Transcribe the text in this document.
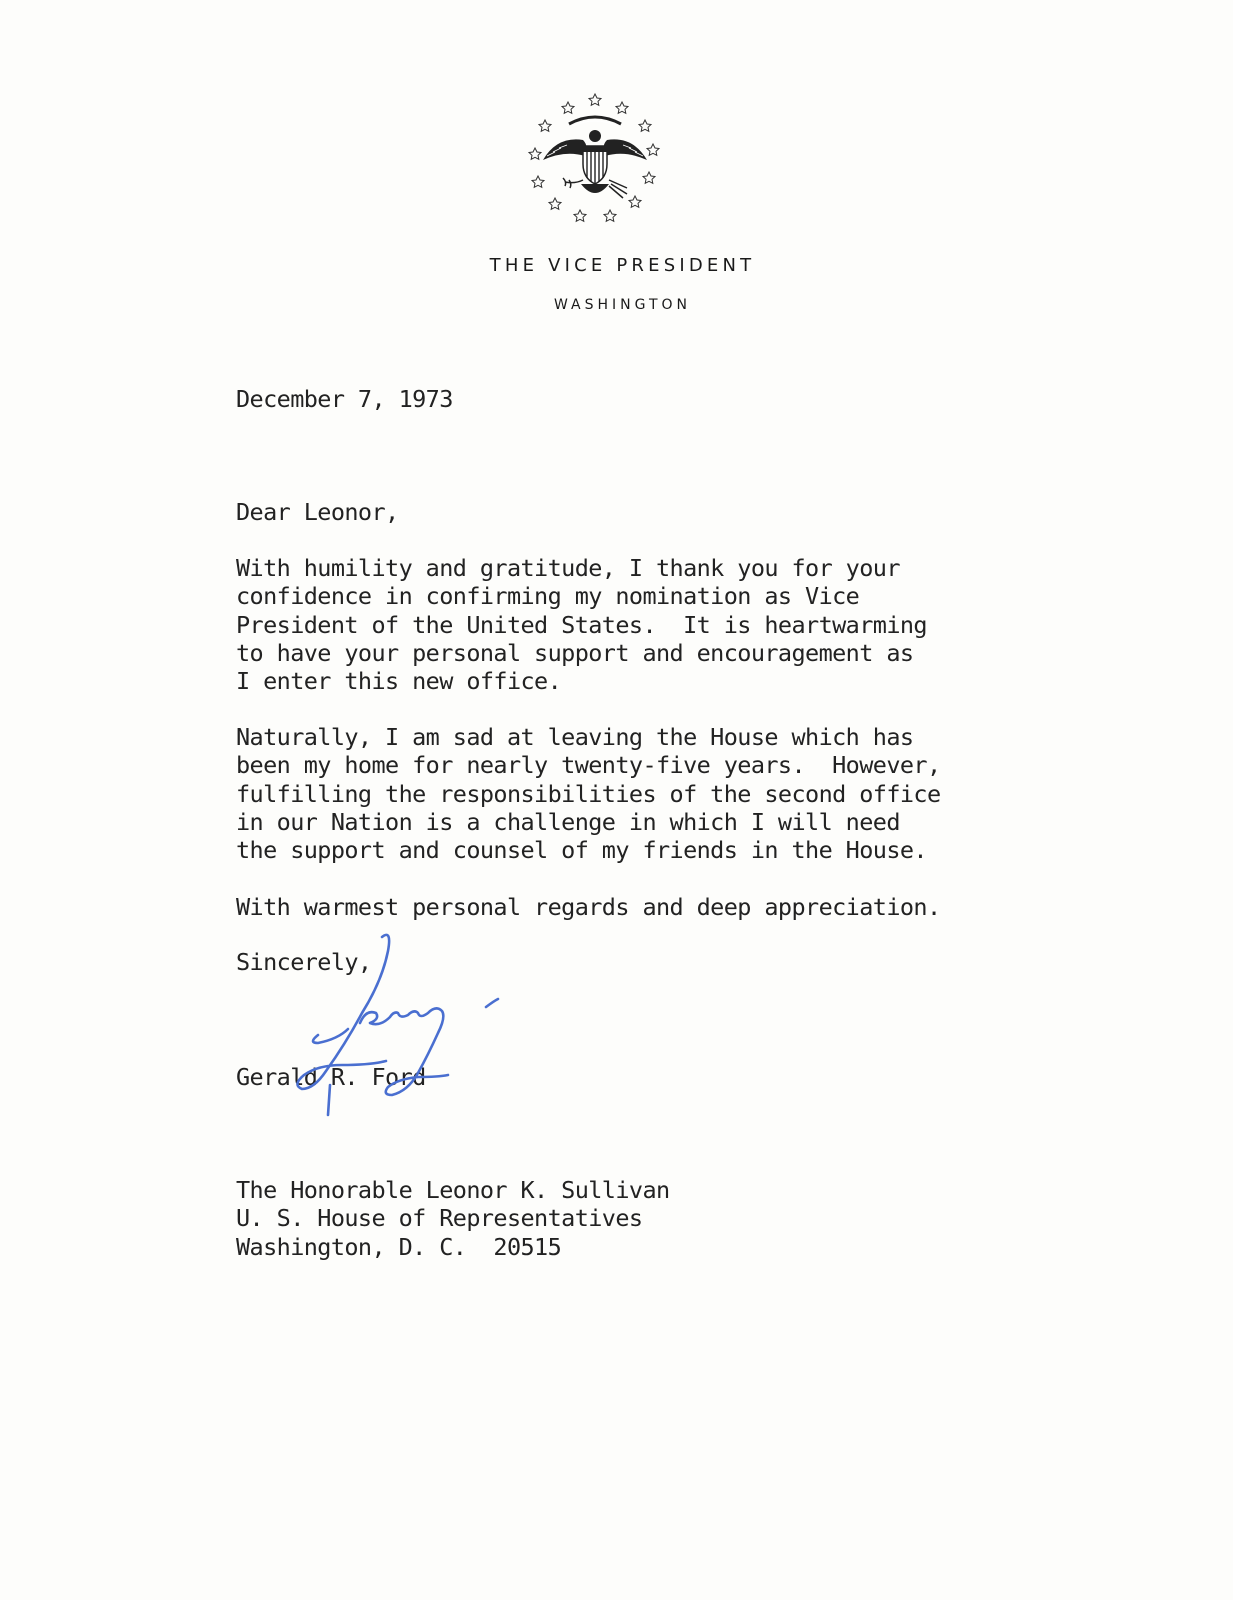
THE VICE PRESIDENT
WASHINGTON
December 7, 1973
Dear Leonor,
With humility and gratitude, I thank you for your
confidence in confirming my nomination as Vice
President of the United States.  It is heartwarming
to have your personal support and encouragement as
I enter this new office.
Naturally, I am sad at leaving the House which has
been my home for nearly twenty-five years.  However,
fulfilling the responsibilities of the second office
in our Nation is a challenge in which I will need
the support and counsel of my friends in the House.
With warmest personal regards and deep appreciation.
Sincerely,
Gerald R. Ford
The Honorable Leonor K. Sullivan
U. S. House of Representatives
Washington, D. C.  20515
